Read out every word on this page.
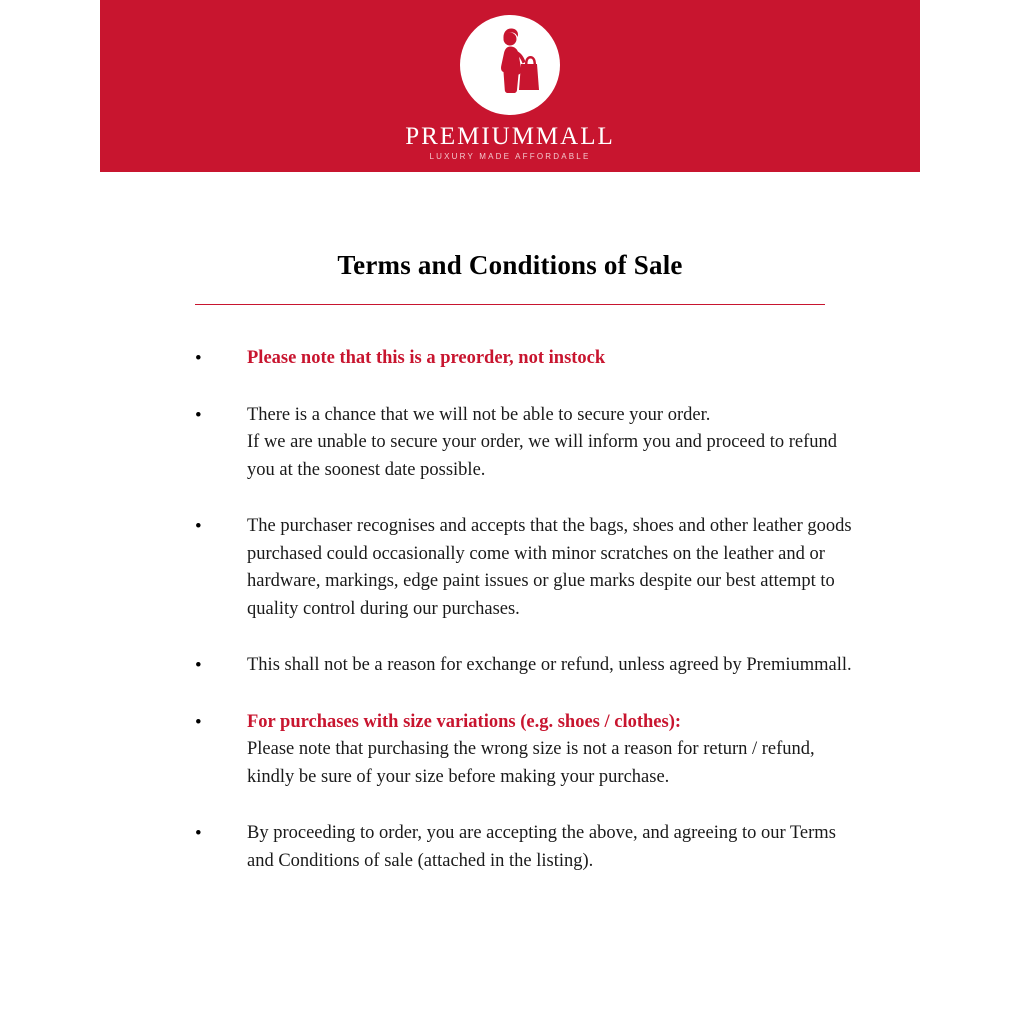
PREMIUMMALL
LUXURY MADE AFFORDABLE
Terms and Conditions of Sale
• Please note that this is a preorder, not instock

• There is a chance that we will not be able to secure your order.

If we are unable to secure your order, we will inform you and proceed to refund you at the soonest date possible.

• The purchaser recognises and accepts that the bags, shoes and other leather goods purchased could occasionally come with minor scratches on the leather and or hardware, markings, edge paint issues or glue marks despite our best attempt to quality control during our purchases.

• This shall not be a reason for exchange or refund, unless agreed by Premiummall.

• For purchases with size variations (e.g. shoes / clothes):

Please note that purchasing the wrong size is not a reason for return / refund, kindly be sure of your size before making your purchase.

• By proceeding to order, you are accepting the above, and agreeing to our Terms and Conditions of sale (attached in the listing).
